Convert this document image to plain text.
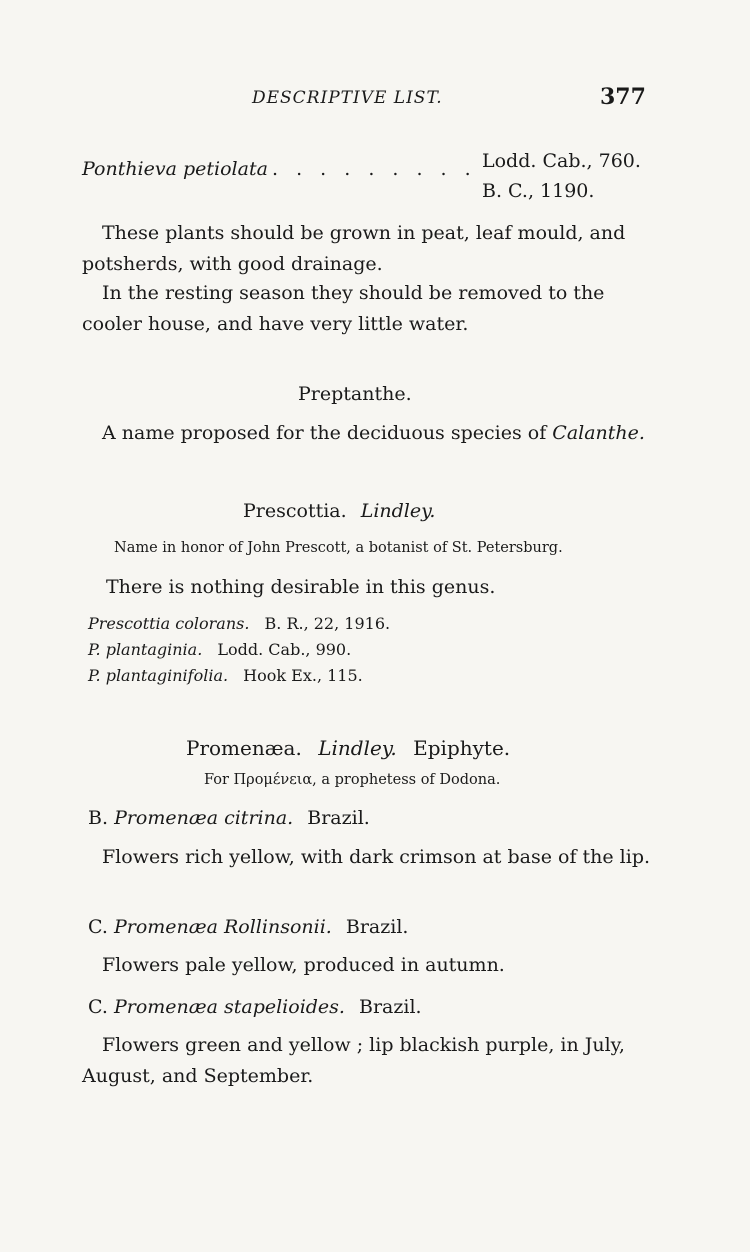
DESCRIPTIVE LIST.	377
Ponthieva petiolata . . . . . . . . . Lodd. Cab., 760.
B. C., 1190.
These plants should be grown in peat, leaf mould, and potsherds, with good drainage.
In the resting season they should be removed to the cooler house, and have very little water.
Preptanthe.
A name proposed for the deciduous species of Calanthe.
Prescottia. Lindley.
Name in honor of John Prescott, a botanist of St. Petersburg.
There is nothing desirable in this genus.
Prescottia colorans. B. R., 22, 1916.
P. plantaginia. Lodd. Cab., 990.
P. plantaginifolia. Hook Ex., 115.
Promenæa. Lindley. Epiphyte.
For Προμένεια, a prophetess of Dodona.
B. Promenæa citrina. Brazil.
Flowers rich yellow, with dark crimson at base of the lip.
C. Promenæa Rollinsonii. Brazil.
Flowers pale yellow, produced in autumn.
C. Promenæa stapelioides. Brazil.
Flowers green and yellow ; lip blackish purple, in July, August, and September.
